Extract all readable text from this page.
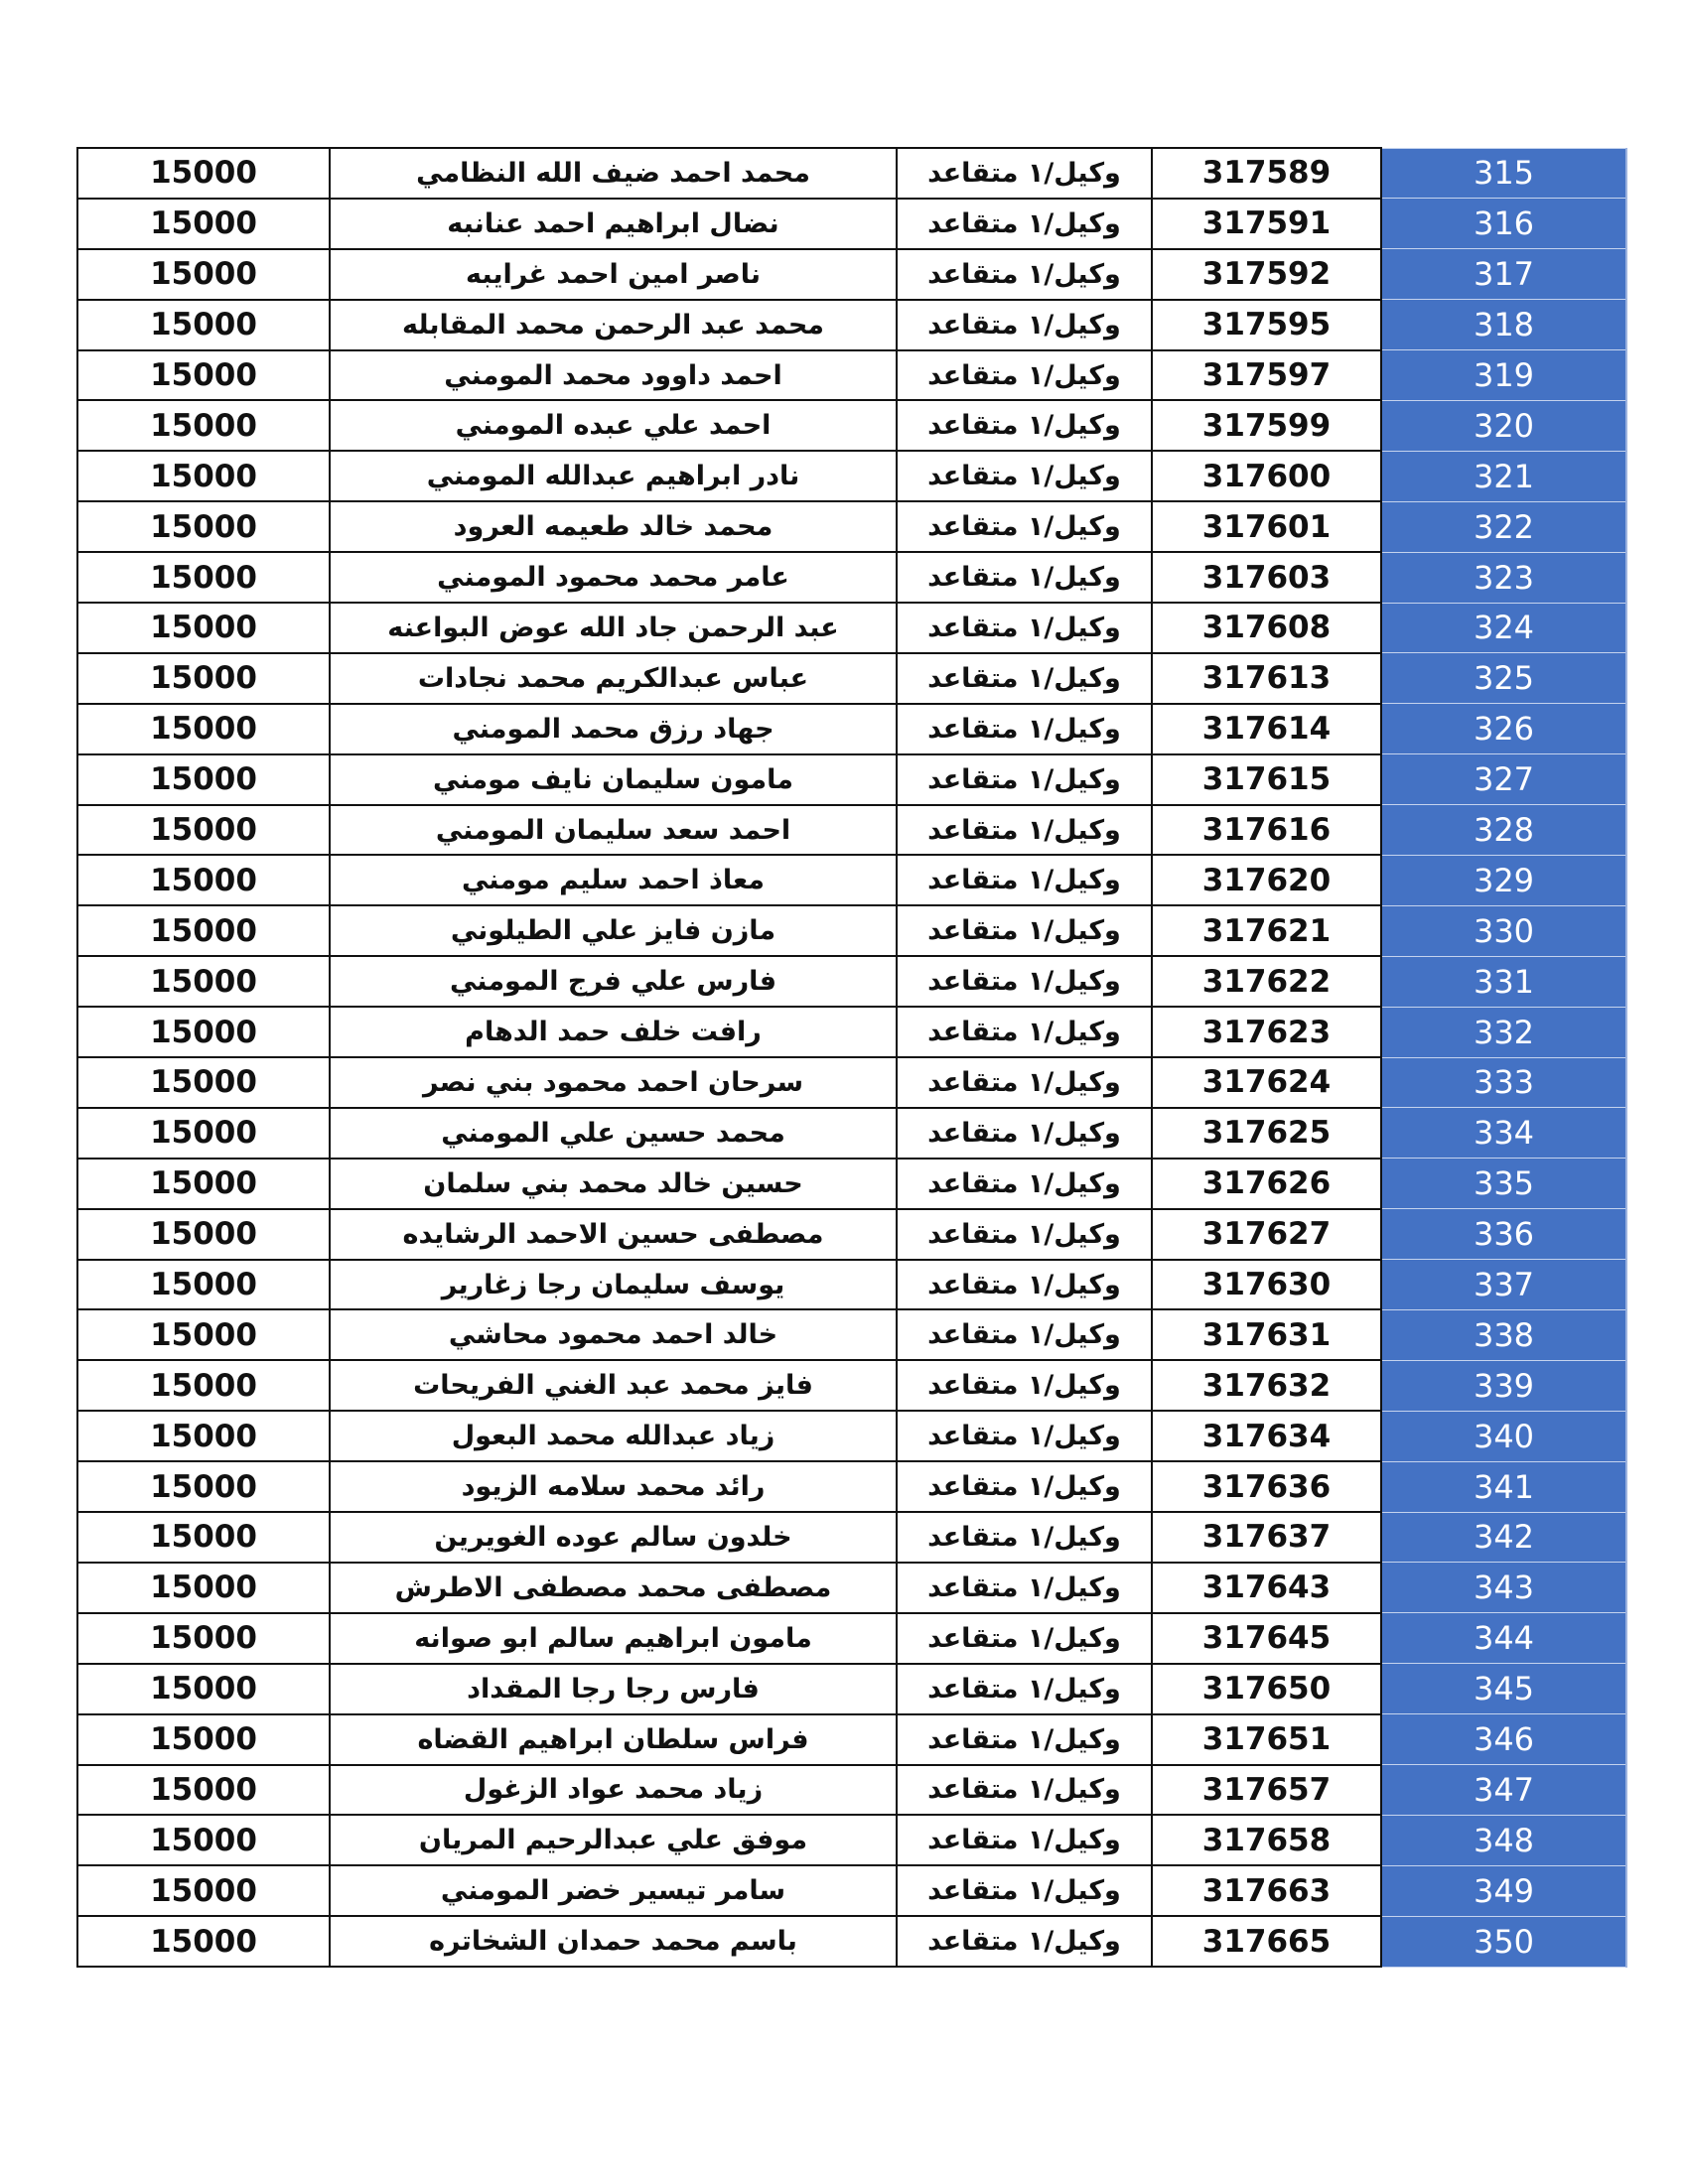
15000	محمد احمد ضيف الله النظامي	وكيل/١ متقاعد	317589	315
15000	نضال ابراهيم احمد عنانبه	وكيل/١ متقاعد	317591	316
15000	ناصر امين احمد غرايبه	وكيل/١ متقاعد	317592	317
15000	محمد عبد الرحمن محمد المقابله	وكيل/١ متقاعد	317595	318
15000	احمد داوود محمد المومني	وكيل/١ متقاعد	317597	319
15000	احمد علي عبده المومني	وكيل/١ متقاعد	317599	320
15000	نادر ابراهيم عبدالله المومني	وكيل/١ متقاعد	317600	321
15000	محمد خالد طعيمه العرود	وكيل/١ متقاعد	317601	322
15000	عامر محمد محمود المومني	وكيل/١ متقاعد	317603	323
15000	عبد الرحمن جاد الله عوض البواعنه	وكيل/١ متقاعد	317608	324
15000	عباس عبدالكريم محمد نجادات	وكيل/١ متقاعد	317613	325
15000	جهاد رزق محمد المومني	وكيل/١ متقاعد	317614	326
15000	مامون سليمان نايف مومني	وكيل/١ متقاعد	317615	327
15000	احمد سعد سليمان المومني	وكيل/١ متقاعد	317616	328
15000	معاذ احمد سليم مومني	وكيل/١ متقاعد	317620	329
15000	مازن فايز علي الطيلوني	وكيل/١ متقاعد	317621	330
15000	فارس علي فرج المومني	وكيل/١ متقاعد	317622	331
15000	رافت خلف حمد الدهام	وكيل/١ متقاعد	317623	332
15000	سرحان احمد محمود بني نصر	وكيل/١ متقاعد	317624	333
15000	محمد حسين علي المومني	وكيل/١ متقاعد	317625	334
15000	حسين خالد محمد بني سلمان	وكيل/١ متقاعد	317626	335
15000	مصطفى حسين الاحمد الرشايده	وكيل/١ متقاعد	317627	336
15000	يوسف سليمان رجا زغارير	وكيل/١ متقاعد	317630	337
15000	خالد احمد محمود محاشي	وكيل/١ متقاعد	317631	338
15000	فايز محمد عبد الغني الفريحات	وكيل/١ متقاعد	317632	339
15000	زياد عبدالله محمد البعول	وكيل/١ متقاعد	317634	340
15000	رائد محمد سلامه الزيود	وكيل/١ متقاعد	317636	341
15000	خلدون سالم عوده الغويرين	وكيل/١ متقاعد	317637	342
15000	مصطفى محمد مصطفى الاطرش	وكيل/١ متقاعد	317643	343
15000	مامون ابراهيم سالم ابو صوانه	وكيل/١ متقاعد	317645	344
15000	فارس رجا رجا المقداد	وكيل/١ متقاعد	317650	345
15000	فراس سلطان ابراهيم القضاه	وكيل/١ متقاعد	317651	346
15000	زياد محمد عواد الزغول	وكيل/١ متقاعد	317657	347
15000	موفق علي عبدالرحيم المريان	وكيل/١ متقاعد	317658	348
15000	سامر تيسير خضر المومني	وكيل/١ متقاعد	317663	349
15000	باسم محمد حمدان الشخاتره	وكيل/١ متقاعد	317665	350
